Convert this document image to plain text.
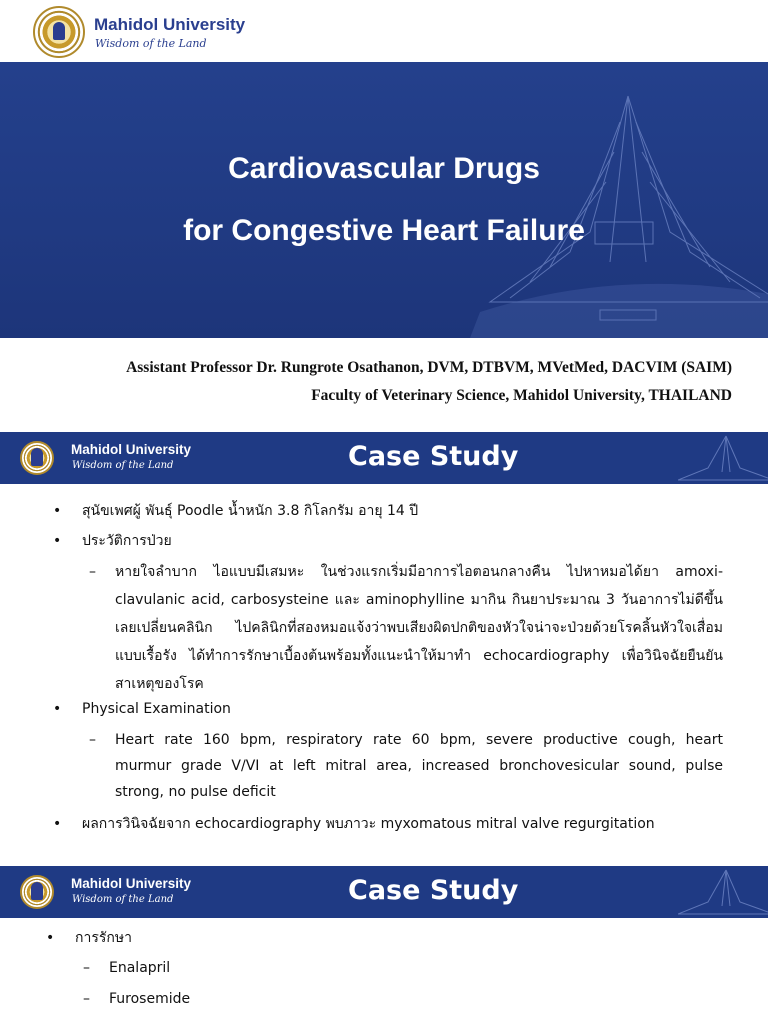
Mahidol University
Wisdom of the Land
Cardiovascular Drugs
for Congestive Heart Failure
Assistant Professor Dr. Rungrote Osathanon, DVM, DTBVM, MVetMed, DACVIM (SAIM)
Faculty of Veterinary Science, Mahidol University, THAILAND
Mahidol University
Wisdom of the Land	Case Study
• สุนัขเพศผู้ พันธุ์ Poodle น้ำหนัก 3.8 กิโลกรัม อายุ 14 ปี
• ประวัติการป่วย
– หายใจลำบาก ไอแบบมีเสมหะ ในช่วงแรกเริ่มมีอาการไอตอนกลางคืน ไปหาหมอได้ยา amoxi-
clavulanic acid, carbosysteine และ aminophylline มากิน กินยาประมาณ 3 วันอาการไม่ดีขึ้น
เลยเปลี่ยนคลินิก ไปคลินิกที่สองหมอแจ้งว่าพบเสียงผิดปกติของหัวใจน่าจะป่วยด้วยโรคลิ้นหัวใจเสื่อม
แบบเรื้อรัง ได้ทำการรักษาเบื้องต้นพร้อมทั้งแนะนำให้มาทำ echocardiography เพื่อวินิจฉัยยืนยัน
สาเหตุของโรค
• Physical Examination
– Heart rate 160 bpm, respiratory rate 60 bpm, severe productive cough, heart
murmur grade V/VI at left mitral area, increased bronchovesicular sound, pulse
strong, no pulse deficit
• ผลการวินิจฉัยจาก echocardiography พบภาวะ myxomatous mitral valve regurgitation
Mahidol University
Wisdom of the Land	Case Study
• การรักษา
– Enalapril
– Furosemide
